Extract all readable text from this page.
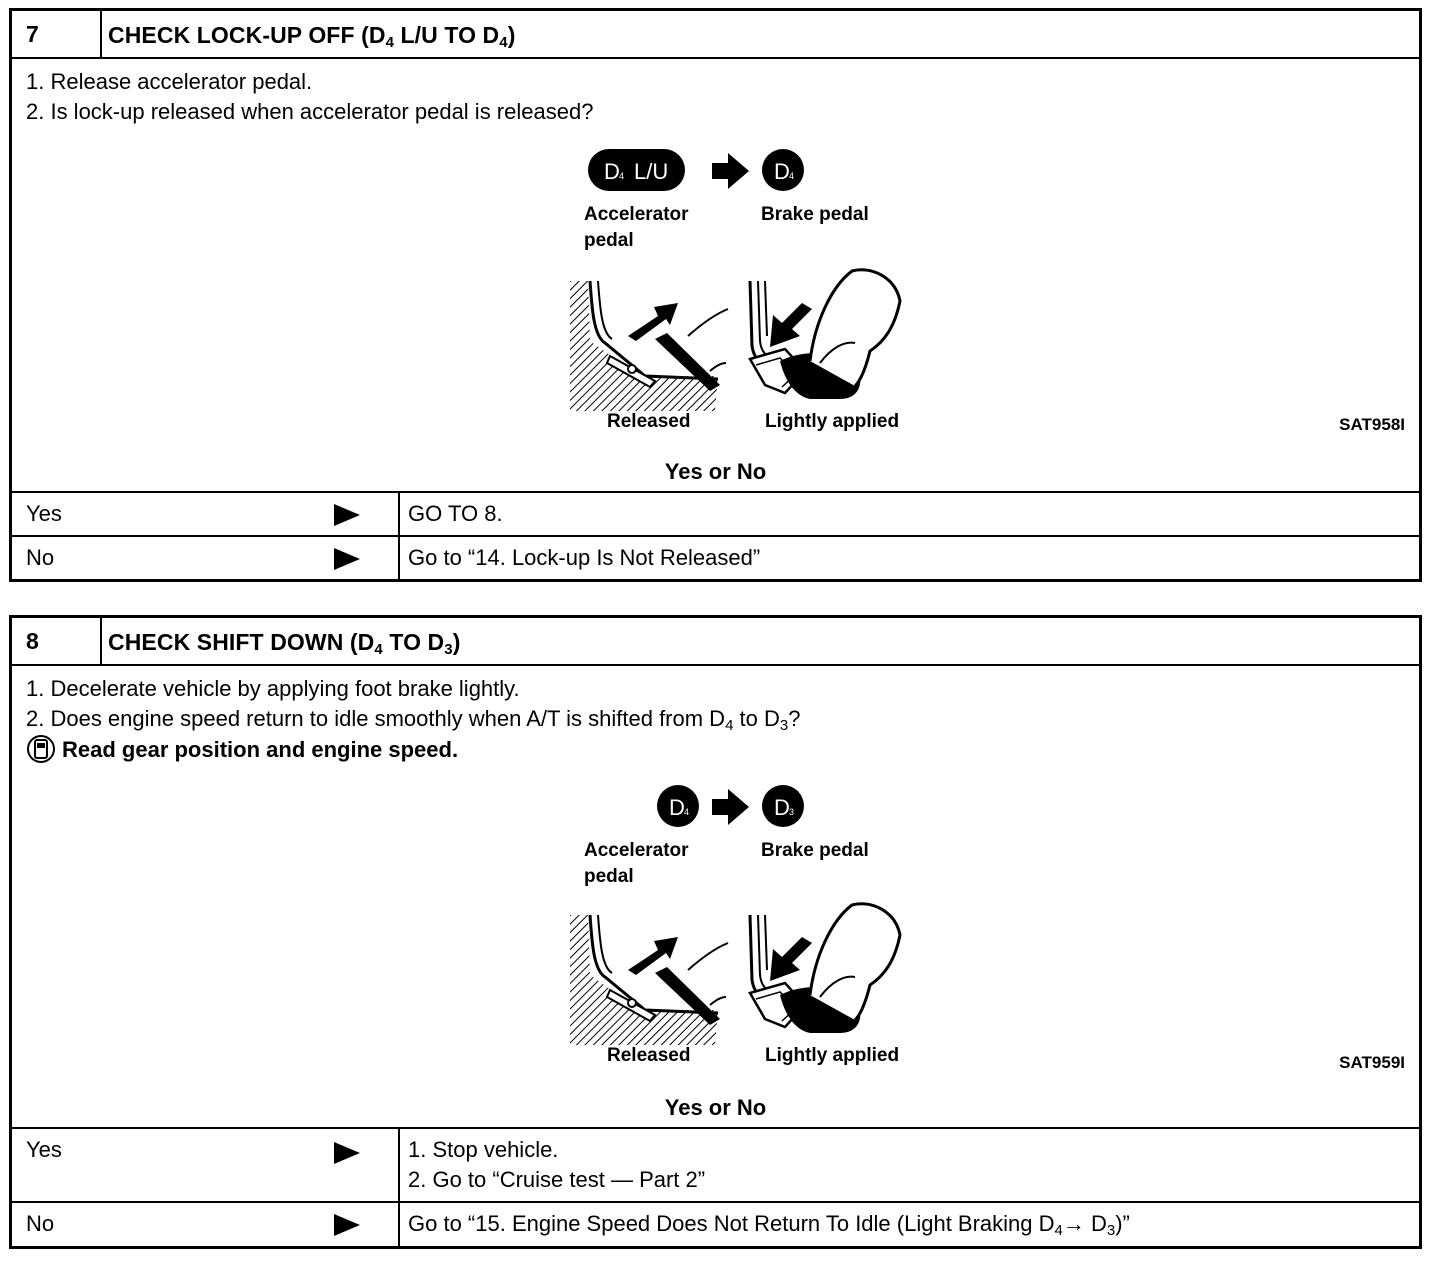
7	CHECK LOCK-UP OFF ($D_4$ L/U TO $D_4$)
1. Release accelerator pedal.
2. Is lock-up released when accelerator pedal is released?
D 4 L/U	D 4
Accelerator
pedal
Brake pedal
Released	Lightly applied	SAT958I
Yes or No
Yes	GO TO 8.
No	Go to “14. Lock-up Is Not Released”
8	CHECK SHIFT DOWN ($D_4$ TO $D_3$)
1. Decelerate vehicle by applying foot brake lightly.
2. Does engine speed return to idle smoothly when A/T is shifted from $D_4$ to $D_3$?
Read gear position and engine speed.
D 4	D 3
Accelerator
pedal
Brake pedal
Released	Lightly applied	SAT959I
Yes or No
Yes	1. Stop vehicle.
2. Go to “Cruise test — Part 2”
No	Go to “15. Engine Speed Does Not Return To Idle (Light Braking $D_4\to D_3$)”
